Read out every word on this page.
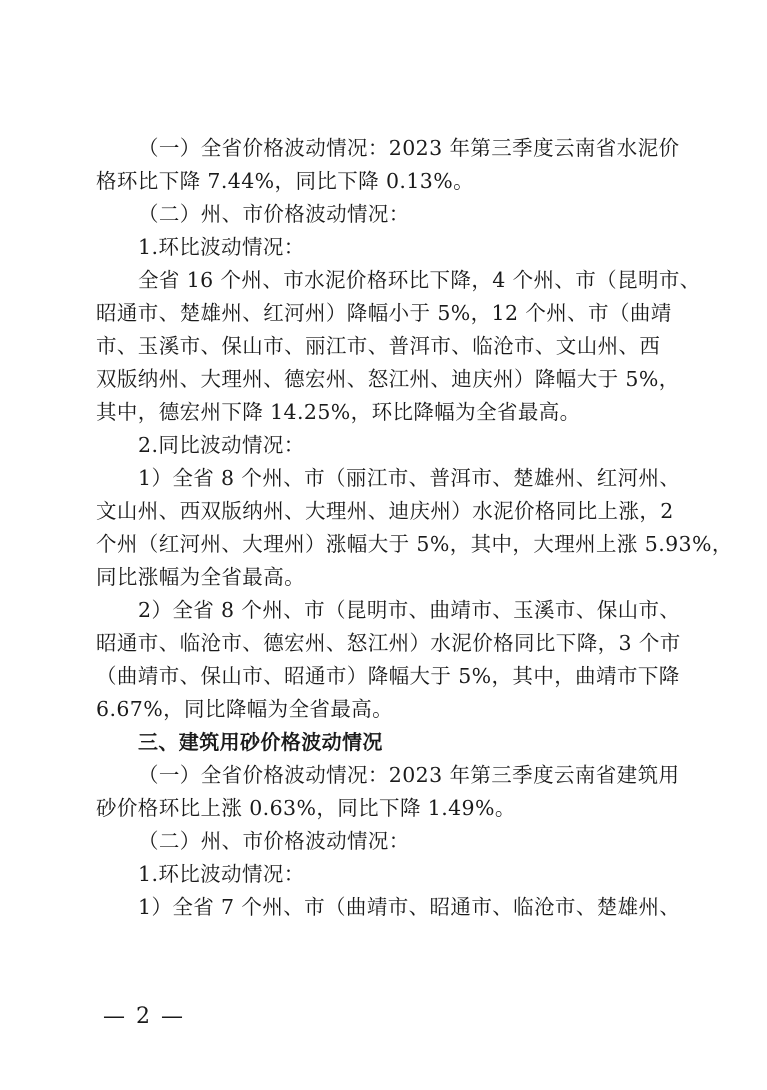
（一）全省价格波动情况：2023 年第三季度云南省水泥价
格环比下降 7.44%，同比下降 0.13%。
（二）州、市价格波动情况：
1.环比波动情况：
全省 16 个州、市水泥价格环比下降，4 个州、市（昆明市、
昭通市、楚雄州、红河州）降幅小于 5%，12 个州、市（曲靖
市、玉溪市、保山市、丽江市、普洱市、临沧市、文山州、西
双版纳州、大理州、德宏州、怒江州、迪庆州）降幅大于 5%，
其中，德宏州下降 14.25%，环比降幅为全省最高。
2.同比波动情况：
1）全省 8 个州、市（丽江市、普洱市、楚雄州、红河州、
文山州、西双版纳州、大理州、迪庆州）水泥价格同比上涨，2
个州（红河州、大理州）涨幅大于 5%，其中，大理州上涨 5.93%，
同比涨幅为全省最高。
2）全省 8 个州、市（昆明市、曲靖市、玉溪市、保山市、
昭通市、临沧市、德宏州、怒江州）水泥价格同比下降，3 个市
（曲靖市、保山市、昭通市）降幅大于 5%，其中，曲靖市下降
6.67%，同比降幅为全省最高。
三、建筑用砂价格波动情况
（一）全省价格波动情况：2023 年第三季度云南省建筑用
砂价格环比上涨 0.63%，同比下降 1.49%。
（二）州、市价格波动情况：
1.环比波动情况：
1）全省 7 个州、市（曲靖市、昭通市、临沧市、楚雄州、
— 2 —
